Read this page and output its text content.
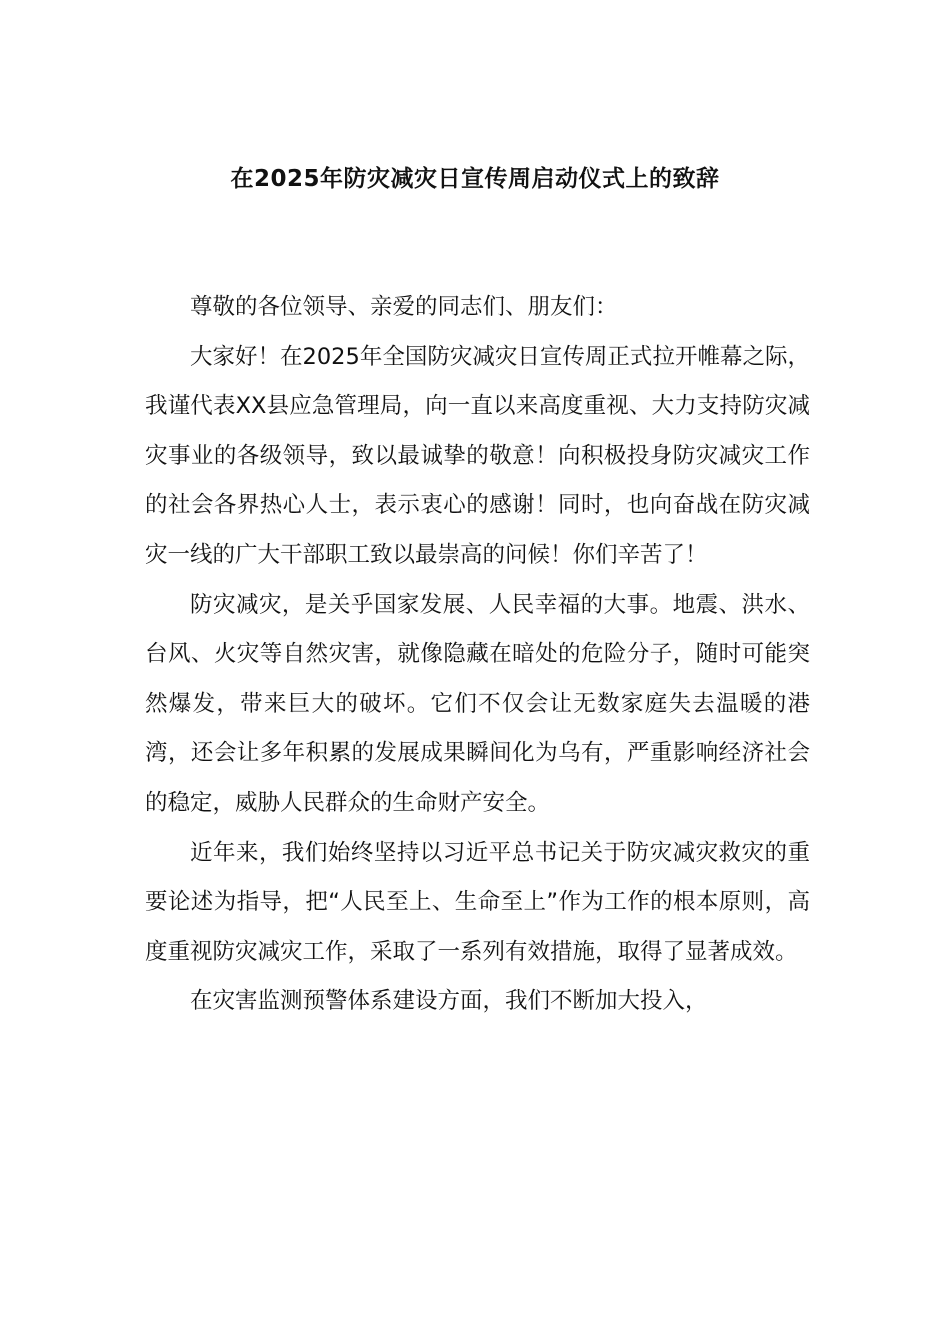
在2025年防灾减灾日宣传周启动仪式上的致辞

尊敬的各位领导、亲爱的同志们、朋友们：

大家好！在2025年全国防灾减灾日宣传周正式拉开帷幕之际，我谨代表XX县应急管理局，向一直以来高度重视、大力支持防灾减灾事业的各级领导，致以最诚挚的敬意！向积极投身防灾减灾工作的社会各界热心人士，表示衷心的感谢！同时，也向奋战在防灾减灾一线的广大干部职工致以最崇高的问候！你们辛苦了！

防灾减灾，是关乎国家发展、人民幸福的大事。地震、洪水、台风、火灾等自然灾害，就像隐藏在暗处的危险分子，随时可能突然爆发，带来巨大的破坏。它们不仅会让无数家庭失去温暖的港湾，还会让多年积累的发展成果瞬间化为乌有，严重影响经济社会的稳定，威胁人民群众的生命财产安全。

近年来，我们始终坚持以习近平总书记关于防灾减灾救灾的重要论述为指导，把“人民至上、生命至上”作为工作的根本原则，高度重视防灾减灾工作，采取了一系列有效措施，取得了显著成效。

在灾害监测预警体系建设方面，我们不断加大投入，
